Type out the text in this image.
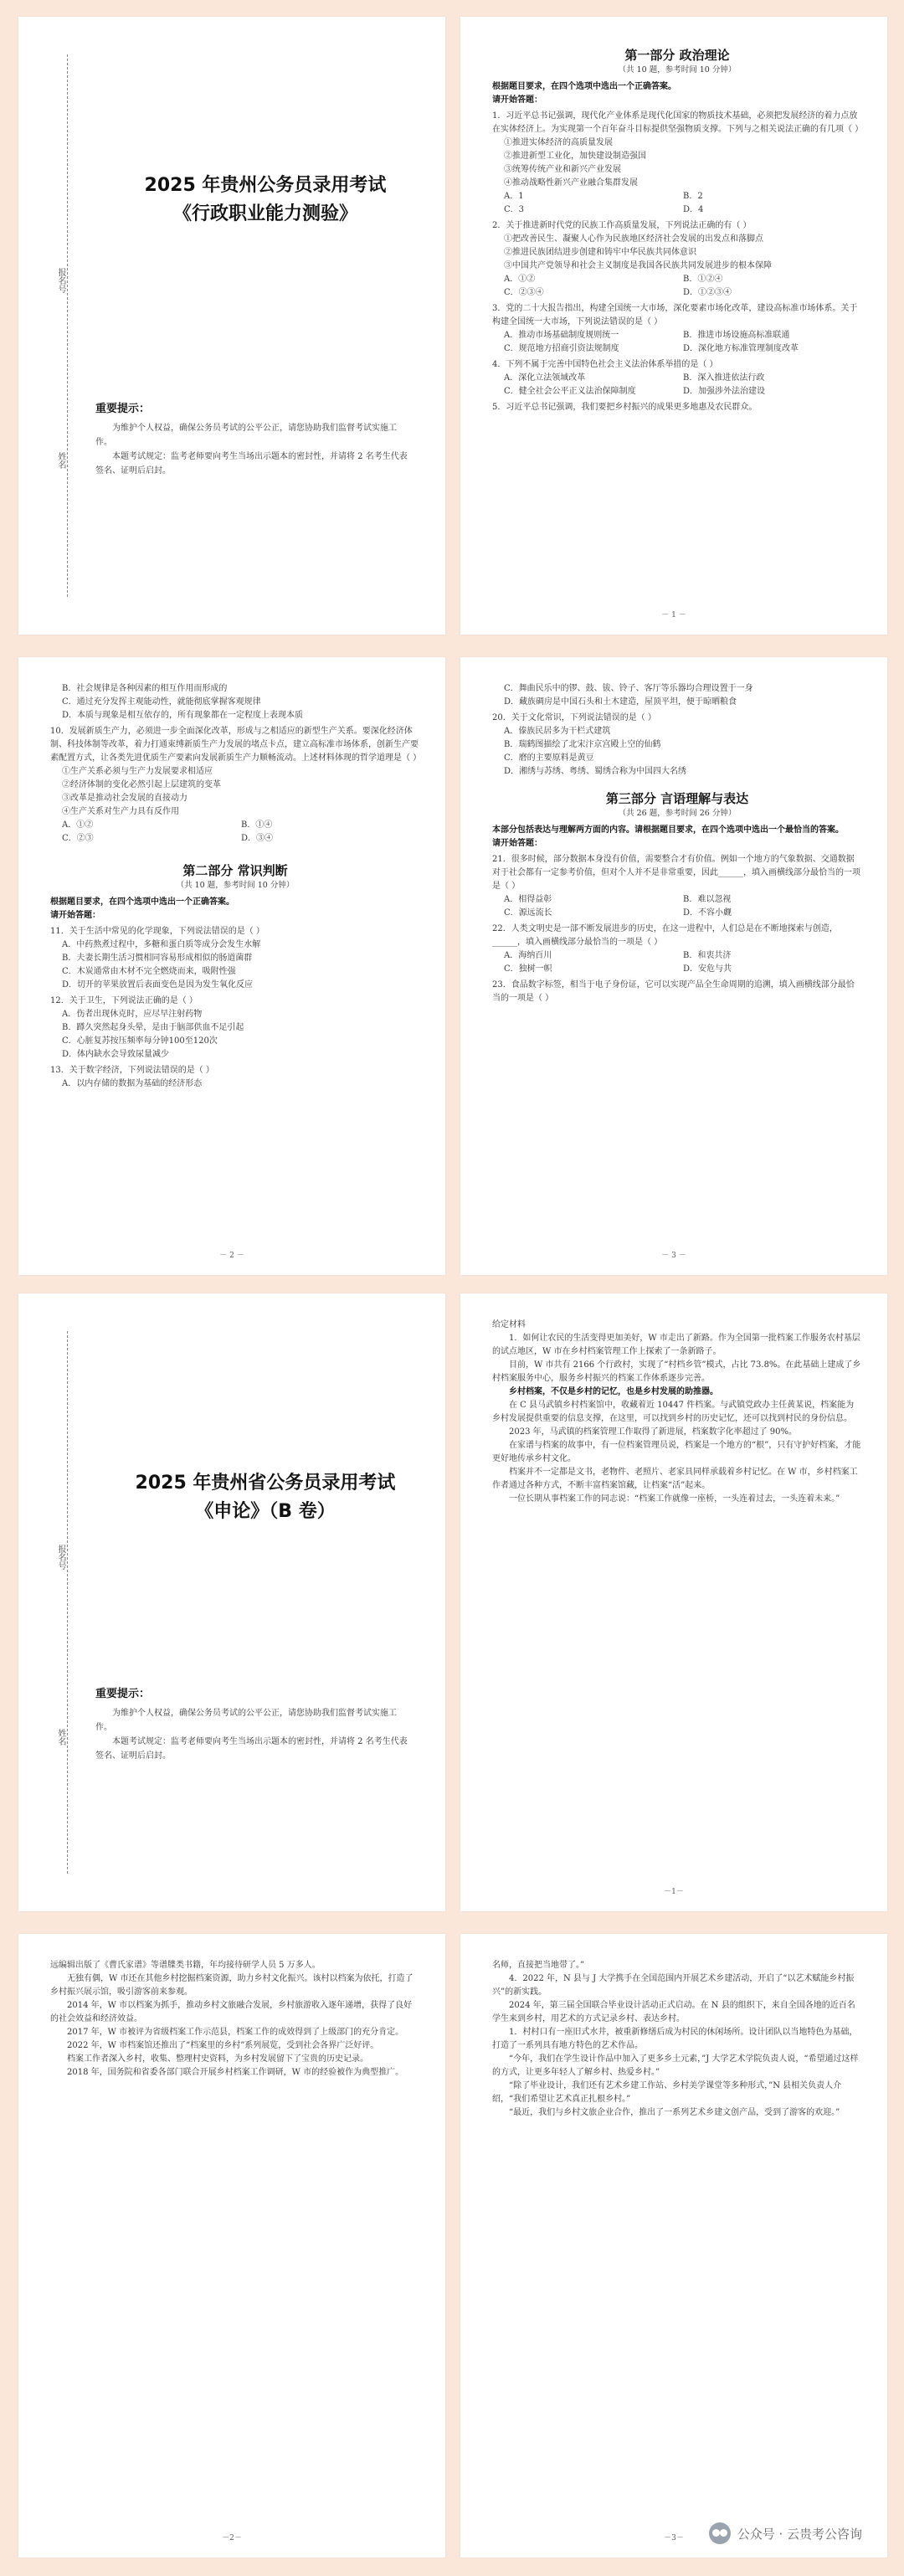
报名号
姓名
2025 年贵州公务员录用考试
《行政职业能力测验》
重要提示：

为维护个人权益，确保公务员考试的公平公正，请您协助我们监督考试实施工作。

本题考试规定：监考老师要向考生当场出示题本的密封性，并请将 2 名考生代表签名、证明后启封。

第一部分 政治理论
（共 10 题，参考时间 10 分钟）
根据题目要求，在四个选项中选出一个正确答案。
请开始答题：
1．习近平总书记强调，现代化产业体系是现代化国家的物质技术基础，必须把发展经济的着力点放在实体经济上。为实现第一个百年奋斗目标提供坚强物质支撑。下列与之相关说法正确的有几项（ ）
①推进实体经济的高质量发展
②推进新型工业化，加快建设制造强国
③统筹传统产业和新兴产业发展
④推动战略性新兴产业融合集群发展
A．1	B．2
C．3	D．4
2．关于推进新时代党的民族工作高质量发展，下列说法正确的有（ ）
①把改善民生、凝聚人心作为民族地区经济社会发展的出发点和落脚点
②推进民族团结进步创建和铸牢中华民族共同体意识
③中国共产党领导和社会主义制度是我国各民族共同发展进步的根本保障
A．①②	B．①②④
C．②③④	D．①②③④
3．党的二十大报告指出，构建全国统一大市场，深化要素市场化改革，建设高标准市场体系。关于构建全国统一大市场，下列说法错误的是（ ）
A．推动市场基础制度规则统一	B．推进市场设施高标准联通
C．规范地方招商引资法规制度	D．深化地方标准管理制度改革
4．下列不属于完善中国特色社会主义法治体系举措的是（ ）
A．深化立法领域改革	B．深入推进依法行政
C．健全社会公平正义法治保障制度	D．加强涉外法治建设
5．习近平总书记强调，我们要把乡村振兴的成果更多地惠及农民群众。
－ 1 －
B．社会规律是各种因素的相互作用而形成的
C．通过充分发挥主观能动性，就能彻底掌握客观规律
D．本质与现象是相互依存的，所有现象都在一定程度上表现本质
10．发展新质生产力，必须进一步全面深化改革，形成与之相适应的新型生产关系。要深化经济体制、科技体制等改革，着力打通束缚新质生产力发展的堵点卡点，建立高标准市场体系，创新生产要素配置方式，让各类先进优质生产要素向发展新质生产力顺畅流动。上述材料体现的哲学道理是（ ）
①生产关系必须与生产力发展要求相适应
②经济体制的变化必然引起上层建筑的变革
③改革是推动社会发展的直接动力
④生产关系对生产力具有反作用
A．①②	B．①④
C．②③	D．③④
第二部分 常识判断
（共 10 题，参考时间 10 分钟）
根据题目要求，在四个选项中选出一个正确答案。
请开始答题：
11．关于生活中常见的化学现象，下列说法错误的是（ ）
A．中药熬煮过程中，多糖和蛋白质等成分会发生水解
B．夫妻长期生活习惯相同容易形成相似的肠道菌群
C．木炭通常由木材不完全燃烧而来，吸附性强
D．切开的苹果放置后表面变色是因为发生氧化反应
12．关于卫生，下列说法正确的是（ ）
A．伤者出现休克时，应尽早注射药物
B．蹲久突然起身头晕，是由于脑部供血不足引起
C．心脏复苏按压频率每分钟100至120次
D．体内缺水会导致尿量减少
13．关于数字经济，下列说法错误的是（ ）
A．以内存储的数据为基础的经济形态
－ 2 －
C．舞曲民乐中的锣、鼓、钹、铃子、客厅等乐器均合理设置于一身
D．藏族碉房是中国石头和土木建造，屋顶平坦，便于晾晒粮食
20．关于文化常识，下列说法错误的是（ ）
A．傣族民居多为干栏式建筑
B．瑞鹤图描绘了北宋汴京宫殿上空的仙鹤
C．磨的主要原料是黄豆
D．湘绣与苏绣、粤绣、蜀绣合称为中国四大名绣
第三部分 言语理解与表达
（共 26 题，参考时间 26 分钟）
本部分包括表达与理解两方面的内容。请根据题目要求，在四个选项中选出一个最恰当的答案。
请开始答题：
21．很多时候，部分数据本身没有价值，需要整合才有价值。例如一个地方的气象数据、交通数据对于社会都有一定参考价值，但对个人并不是非常重要，因此______，填入画横线部分最恰当的一项是（ ）
A．相得益彰	B．难以忽视
C．源远流长	D．不容小觑
22．人类文明史是一部不断发展进步的历史，在这一进程中，人们总是在不断地探索与创造，______，填入画横线部分最恰当的一项是（ ）
A．海纳百川	B．和衷共济
C．独树一帜	D．安危与共
23．食品数字标签，相当于电子身份证，它可以实现产品全生命周期的追溯，填入画横线部分最恰当的一项是（ ）
－ 3 －
报名号
姓名
2025 年贵州省公务员录用考试
《申论》（B 卷）
重要提示：

为维护个人权益，确保公务员考试的公平公正，请您协助我们监督考试实施工作。

本题考试规定：监考老师要向考生当场出示题本的密封性，并请将 2 名考生代表签名、证明后启封。

给定材料
1．如何让农民的生活变得更加美好，W 市走出了新路。作为全国第一批档案工作服务农村基层的试点地区，W 市在乡村档案管理工作上探索了一条新路子。
目前，W 市共有 2166 个行政村，实现了“村档乡管”模式，占比 73.8%。在此基础上建成了乡村档案服务中心，服务乡村振兴的档案工作体系逐步完善。
乡村档案，不仅是乡村的记忆，也是乡村发展的助推器。
在 C 县马武镇乡村档案馆中，收藏着近 10447 件档案。与武镇党政办主任黄某说，档案能为乡村发展提供重要的信息支撑，在这里，可以找到乡村的历史记忆，还可以找到村民的身份信息。
2023 年，马武镇的档案管理工作取得了新进展，档案数字化率超过了 90%。
在家谱与档案的故事中，有一位档案管理员说，档案是一个地方的“根”，只有守护好档案，才能更好地传承乡村文化。
档案并不一定都是文书，老物件、老照片、老家具同样承载着乡村记忆。在 W 市，乡村档案工作者通过各种方式，不断丰富档案馆藏，让档案“活”起来。
一位长期从事档案工作的同志说：“档案工作就像一座桥，一头连着过去，一头连着未来。”
－1－
远编辑出版了《曹氏家谱》等谱牒类书籍，年均接待研学人员 5 万多人。
无独有偶，W 市还在其他乡村挖掘档案资源，助力乡村文化振兴。该村以档案为依托，打造了乡村振兴展示馆，吸引游客前来参观。
2014 年，W 市以档案为抓手，推动乡村文旅融合发展，乡村旅游收入逐年递增，获得了良好的社会效益和经济效益。
2017 年，W 市被评为省级档案工作示范县，档案工作的成效得到了上级部门的充分肯定。
2022 年，W 市档案馆还推出了“档案里的乡村”系列展览，受到社会各界广泛好评。
档案工作者深入乡村，收集、整理村史资料，为乡村发展留下了宝贵的历史记录。
2018 年，国务院和省委各部门联合开展乡村档案工作调研，W 市的经验被作为典型推广。
－2－
名师，直接把当地带了。”
4．2022 年，N 县与 J 大学携手在全国范围内开展艺术乡建活动，开启了“以艺术赋能乡村振兴”的新实践。
2024 年，第三届全国联合毕业设计活动正式启动。在 N 县的组织下，来自全国各地的近百名学生来到乡村，用艺术的方式记录乡村、表达乡村。
1．村村口有一座旧式水井，被重新修缮后成为村民的休闲场所。设计团队以当地特色为基础，打造了一系列具有地方特色的艺术作品。
“今年，我们在学生设计作品中加入了更多乡土元素，”J 大学艺术学院负责人说，“希望通过这样的方式，让更多年轻人了解乡村、热爱乡村。”
“除了毕业设计，我们还有艺术乡建工作站、乡村美学课堂等多种形式，”N 县相关负责人介绍，“我们希望让艺术真正扎根乡村。”
“最近，我们与乡村文旅企业合作，推出了一系列艺术乡建文创产品，受到了游客的欢迎。”
－3－	公众号 · 云贵考公咨询
